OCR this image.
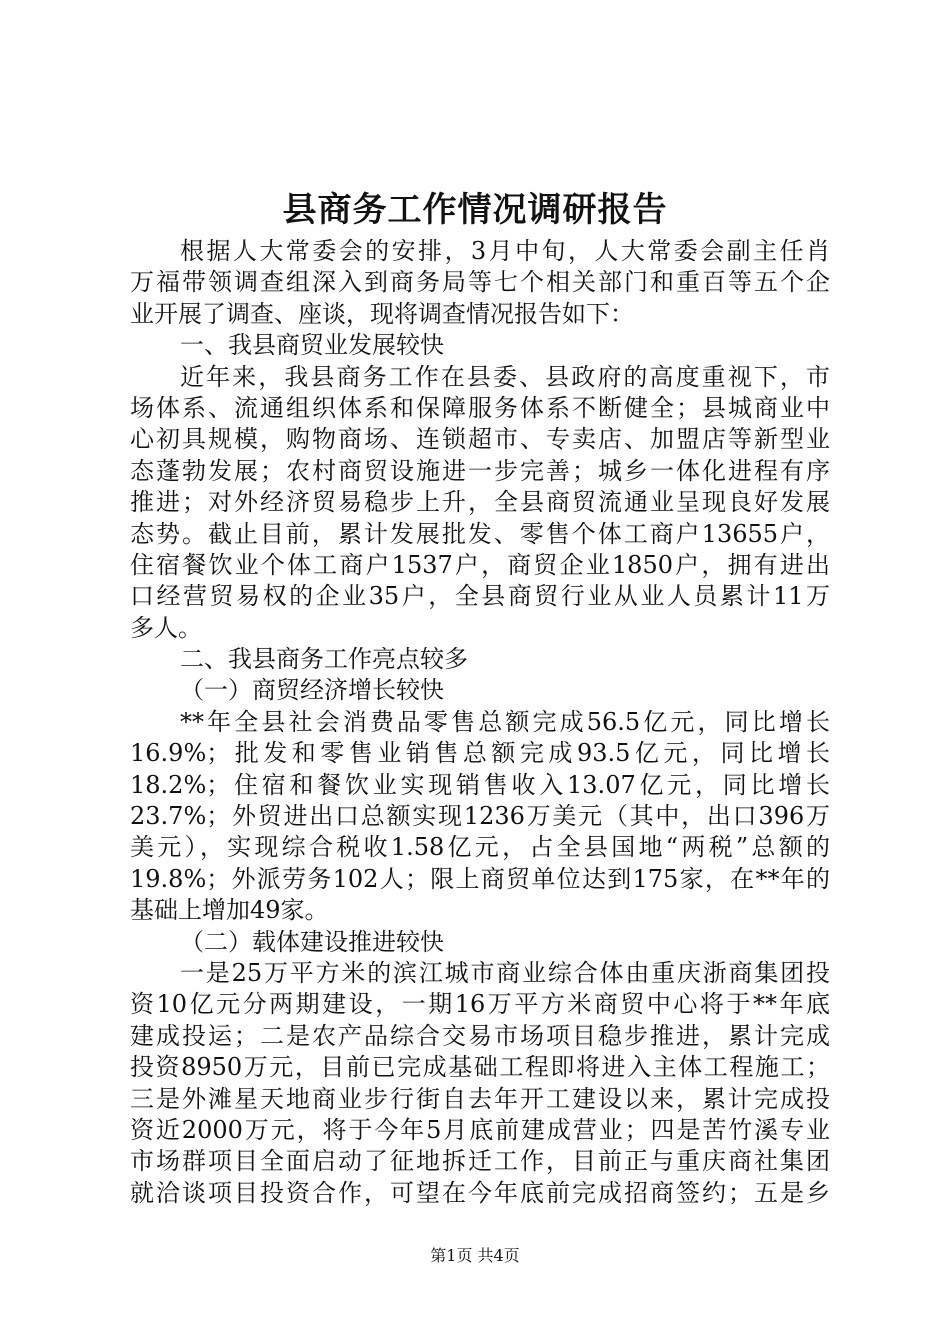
县商务工作情况调研报告
根据人大常委会的安排，3月中旬，人大常委会副主任肖
万福带领调查组深入到商务局等七个相关部门和重百等五个企
业开展了调查、座谈，现将调查情况报告如下：
一、我县商贸业发展较快
近年来，我县商务工作在县委、县政府的高度重视下，市
场体系、流通组织体系和保障服务体系不断健全；县城商业中
心初具规模，购物商场、连锁超市、专卖店、加盟店等新型业
态蓬勃发展；农村商贸设施进一步完善；城乡一体化进程有序
推进；对外经济贸易稳步上升，全县商贸流通业呈现良好发展
态势。截止目前，累计发展批发、零售个体工商户13655户，
住宿餐饮业个体工商户1537户，商贸企业1850户，拥有进出
口经营贸易权的企业35户，全县商贸行业从业人员累计11万
多人。
二、我县商务工作亮点较多
（一）商贸经济增长较快
**年全县社会消费品零售总额完成56.5亿元，同比增长
16.9%；批发和零售业销售总额完成93.5亿元，同比增长
18.2%；住宿和餐饮业实现销售收入13.07亿元，同比增长
23.7%；外贸进出口总额实现1236万美元（其中，出口396万
美元），实现综合税收1.58亿元，占全县国地“两税”总额的
19.8%；外派劳务102人；限上商贸单位达到175家，在**年的
基础上增加49家。
（二）载体建设推进较快
一是25万平方米的滨江城市商业综合体由重庆浙商集团投
资10亿元分两期建设，一期16万平方米商贸中心将于**年底
建成投运；二是农产品综合交易市场项目稳步推进，累计完成
投资8950万元，目前已完成基础工程即将进入主体工程施工；
三是外滩星天地商业步行街自去年开工建设以来，累计完成投
资近2000万元，将于今年5月底前建成营业；四是苦竹溪专业
市场群项目全面启动了征地拆迁工作，目前正与重庆商社集团
就洽谈项目投资合作，可望在今年底前完成招商签约；五是乡
第1页 共4页
